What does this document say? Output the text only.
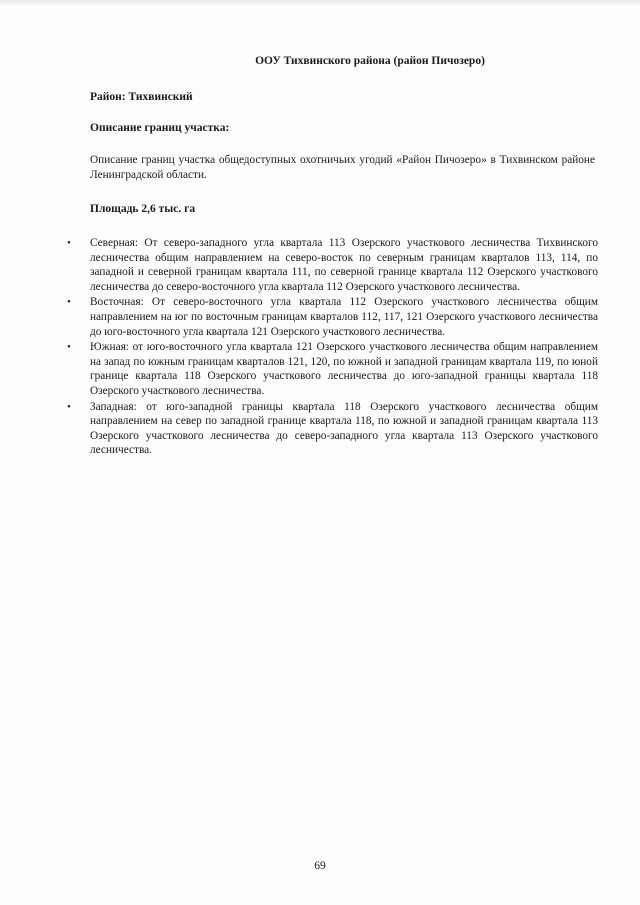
ООУ Тихвинского района (район Пичозеро)
Район: Тихвинский
Описание границ участка:
Описание границ участка общедоступных охотничьих угодий «Район Пичозеро» в Тихвинском районе Ленинградской области.
Площадь 2,6 тыс. га
• Северная: От северо-западного угла квартала 113 Озерского участкового лесничества Тихвинского лесничества общим направлением на северо-восток по северным границам кварталов 113, 114, по западной и северной границам квартала 111, по северной границе квартала 112 Озерского участкового лесничества до северо-восточного угла квартала 112 Озерского участкового лесничества.
• Восточная: От северо-восточного угла квартала 112 Озерского участкового лесничества общим направлением на юг по восточным границам кварталов 112, 117, 121 Озерского участкового лесничества до юго-восточного угла квартала 121 Озерского участкового лесничества.
• Южная: от юго-восточного угла квартала 121 Озерского участкового лесничества общим направлением на запад по южным границам кварталов 121, 120, по южной и западной границам квартала 119, по юной границе квартала 118 Озерского участкового лесничества до юго-западной границы квартала 118 Озерского участкового лесничества.
• Западная: от юго-западной границы квартала 118 Озерского участкового лесничества общим направлением на север по западной границе квартала 118, по южной и западной границам квартала 113 Озерского участкового лесничества до северо-западного угла квартала 113 Озерского участкового лесничества.
69
